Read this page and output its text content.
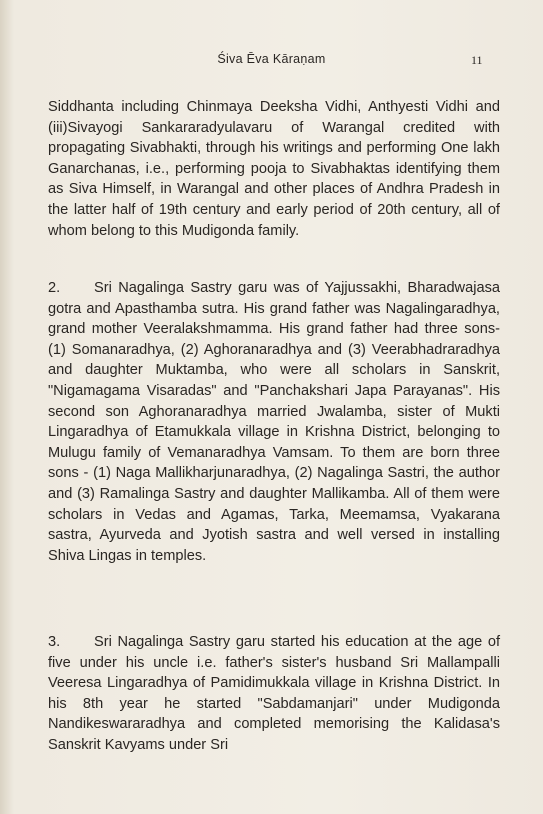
Śiva Ēva Kāraṇam	11

Siddhanta including Chinmaya Deeksha Vidhi, Anthyesti Vidhi and (iii)Sivayogi Sankararadyulavaru of Warangal credited with propagating Sivabhakti, through his writings and performing One lakh Ganarchanas, i.e., performing pooja to Sivabhaktas identifying them as Siva Himself, in Warangal and other places of Andhra Pradesh in the latter half of 19th century and early period of 20th century, all of whom belong to this Mudigonda family.

2. Sri Nagalinga Sastry garu was of Yajjussakhi, Bharadwajasa gotra and Apasthamba sutra. His grand father was Nagalingaradhya, grand mother Veeralakshmamma. His grand father had three sons- (1) Somanaradhya, (2) Aghoranaradhya and (3) Veerabhadraradhya and daughter Muktamba, who were all scholars in Sanskrit, "Nigamagama Visaradas" and "Panchakshari Japa Parayanas". His second son Aghoranaradhya married Jwalamba, sister of Mukti Lingaradhya of Etamukkala village in Krishna District, belonging to Mulugu family of Vemanaradhya Vamsam. To them are born three sons - (1) Naga Mallikharjunaradhya, (2) Nagalinga Sastri, the author and (3) Ramalinga Sastry and daughter Mallikamba. All of them were scholars in Vedas and Agamas, Tarka, Meemamsa, Vyakarana sastra, Ayurveda and Jyotish sastra and well versed in installing Shiva Lingas in temples.

3. Sri Nagalinga Sastry garu started his education at the age of five under his uncle i.e. father's sister's husband Sri Mallampalli Veeresa Lingaradhya of Pamidimukkala village in Krishna District. In his 8th year he started "Sabdamanjari" under Mudigonda Nandikeswararadhya and completed memorising the Kalidasa's Sanskrit Kavyams under Sri
